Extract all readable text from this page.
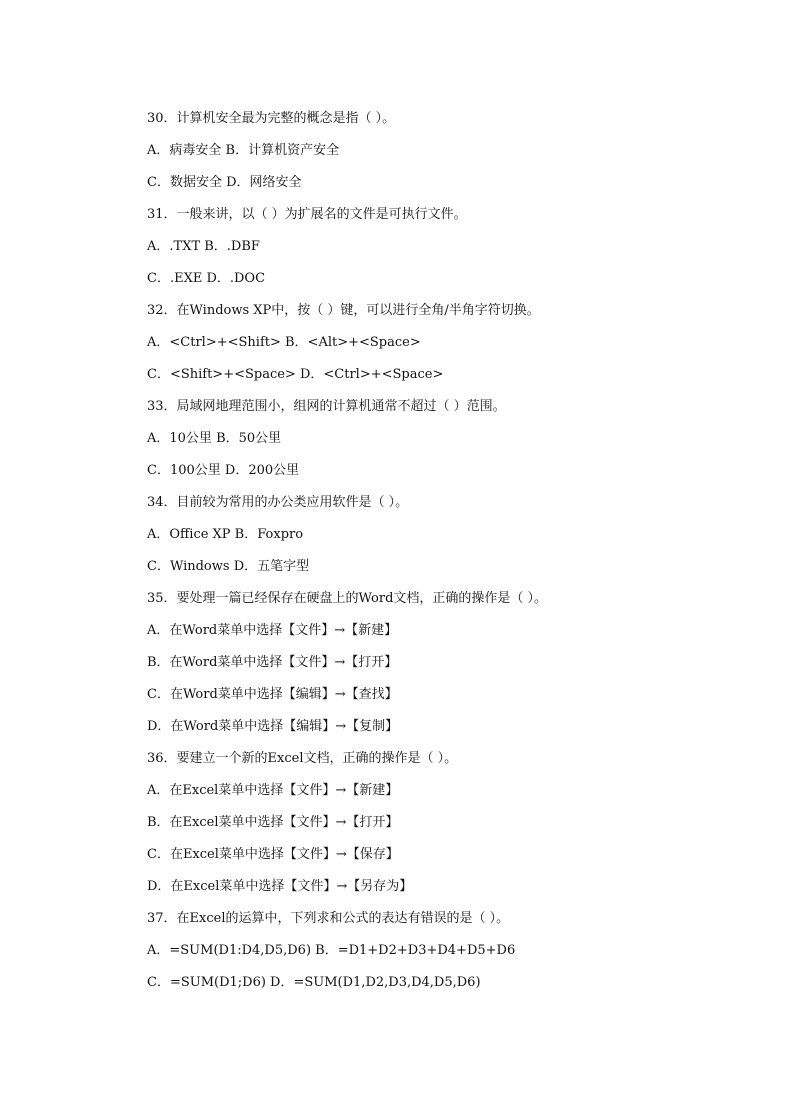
30．计算机安全最为完整的概念是指（ ）。
A．病毒安全 B．计算机资产安全
C．数据安全 D．网络安全
31．一般来讲，以（ ）为扩展名的文件是可执行文件。
A．.TXT B．.DBF
C．.EXE D．.DOC
32．在Windows XP中，按（ ）键，可以进行全角/半角字符切换。
A．<Ctrl>+<Shift> B．<Alt>+<Space>
C．<Shift>+<Space> D．<Ctrl>+<Space>
33．局域网地理范围小，组网的计算机通常不超过（ ）范围。
A．10公里 B．50公里
C．100公里 D．200公里
34．目前较为常用的办公类应用软件是（ ）。
A．Office XP B．Foxpro
C．Windows D．五笔字型
35．要处理一篇已经保存在硬盘上的Word文档，正确的操作是（ ）。
A．在Word菜单中选择【文件】→【新建】
B．在Word菜单中选择【文件】→【打开】
C．在Word菜单中选择【编辑】→【查找】
D．在Word菜单中选择【编辑】→【复制】
36．要建立一个新的Excel文档，正确的操作是（ ）。
A．在Excel菜单中选择【文件】→【新建】
B．在Excel菜单中选择【文件】→【打开】
C．在Excel菜单中选择【文件】→【保存】
D．在Excel菜单中选择【文件】→【另存为】
37．在Excel的运算中，下列求和公式的表达有错误的是（ ）。
A．=SUM(D1:D4,D5,D6) B．=D1+D2+D3+D4+D5+D6
C．=SUM(D1;D6) D．=SUM(D1,D2,D3,D4,D5,D6)
